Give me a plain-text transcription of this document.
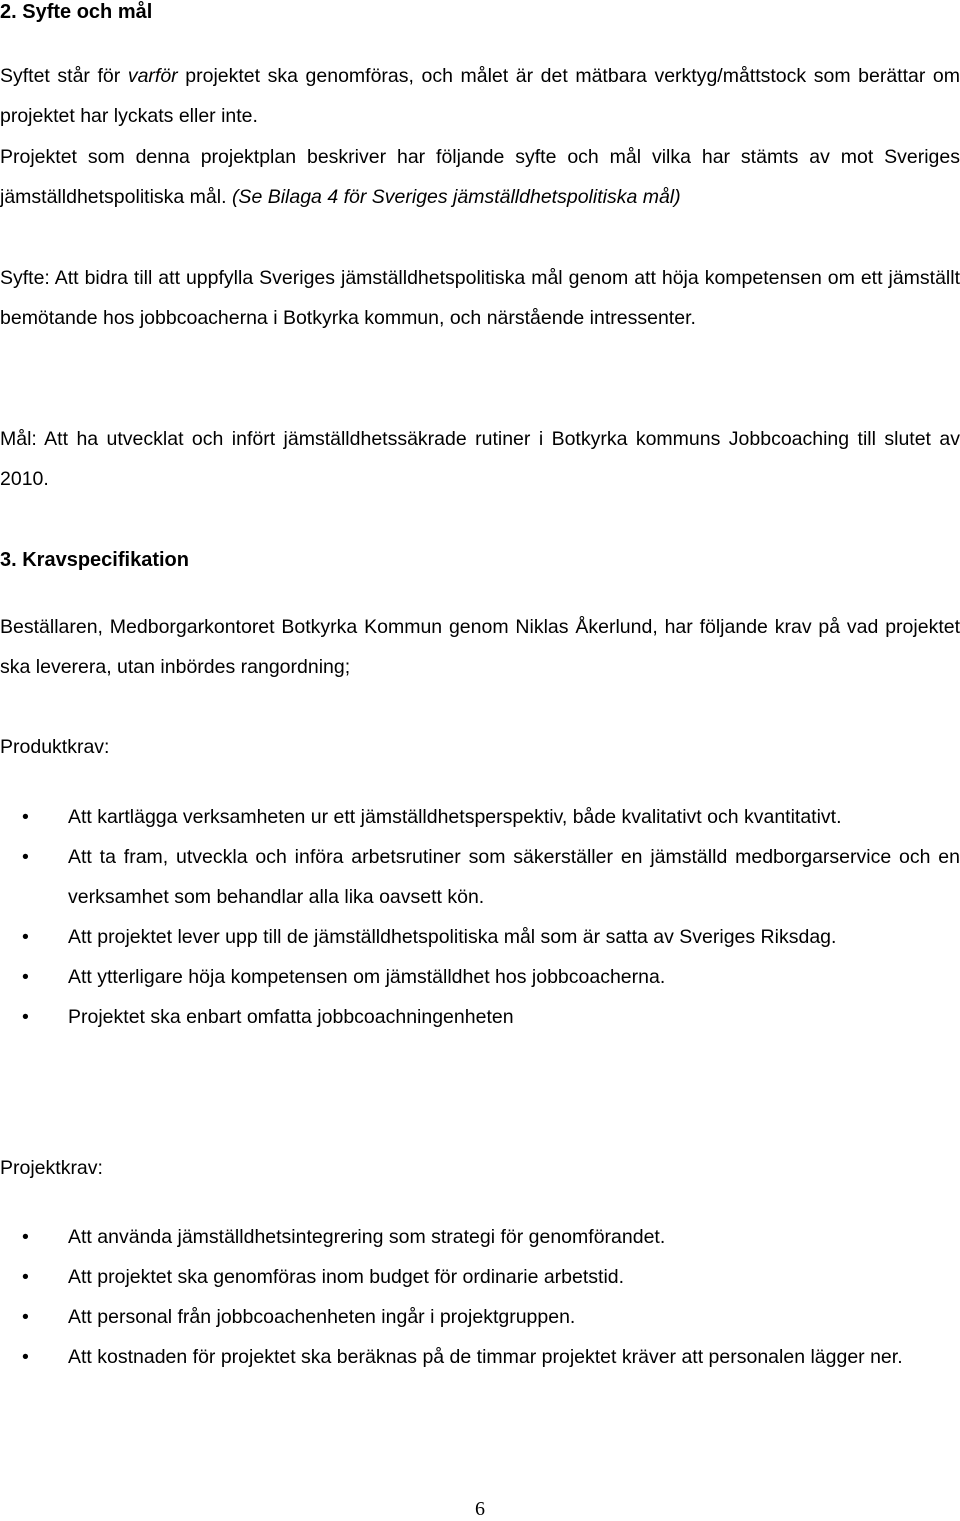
2. Syfte och mål
Syftet står för varför projektet ska genomföras, och målet är det mätbara verktyg/måttstock som berättar om projektet har lyckats eller inte.
Projektet som denna projektplan beskriver har följande syfte och mål vilka har stämts av mot Sveriges jämställdhetspolitiska mål. (Se Bilaga 4 för Sveriges jämställdhetspolitiska mål)
Syfte: Att bidra till att uppfylla Sveriges jämställdhetspolitiska mål genom att höja kompetensen om ett jämställt bemötande hos jobbcoacherna i Botkyrka kommun, och närstående intressenter.
Mål: Att ha utvecklat och infört jämställdhetssäkrade rutiner i Botkyrka kommuns Jobbcoaching till slutet av 2010.
3. Kravspecifikation
Beställaren, Medborgarkontoret Botkyrka Kommun genom Niklas Åkerlund, har följande krav på vad projektet ska leverera, utan inbördes rangordning;
Produktkrav:
• Att kartlägga verksamheten ur ett jämställdhetsperspektiv, både kvalitativt och kvantitativt.
• Att ta fram, utveckla och införa arbetsrutiner som säkerställer en jämställd medborgarservice och en verksamhet som behandlar alla lika oavsett kön.
• Att projektet lever upp till de jämställdhetspolitiska mål som är satta av Sveriges Riksdag.
• Att ytterligare höja kompetensen om jämställdhet hos jobbcoacherna.
• Projektet ska enbart omfatta jobbcoachningenheten
Projektkrav:
• Att använda jämställdhetsintegrering som strategi för genomförandet.
• Att projektet ska genomföras inom budget för ordinarie arbetstid.
• Att personal från jobbcoachenheten ingår i projektgruppen.
• Att kostnaden för projektet ska beräknas på de timmar projektet kräver att personalen lägger ner.
6
